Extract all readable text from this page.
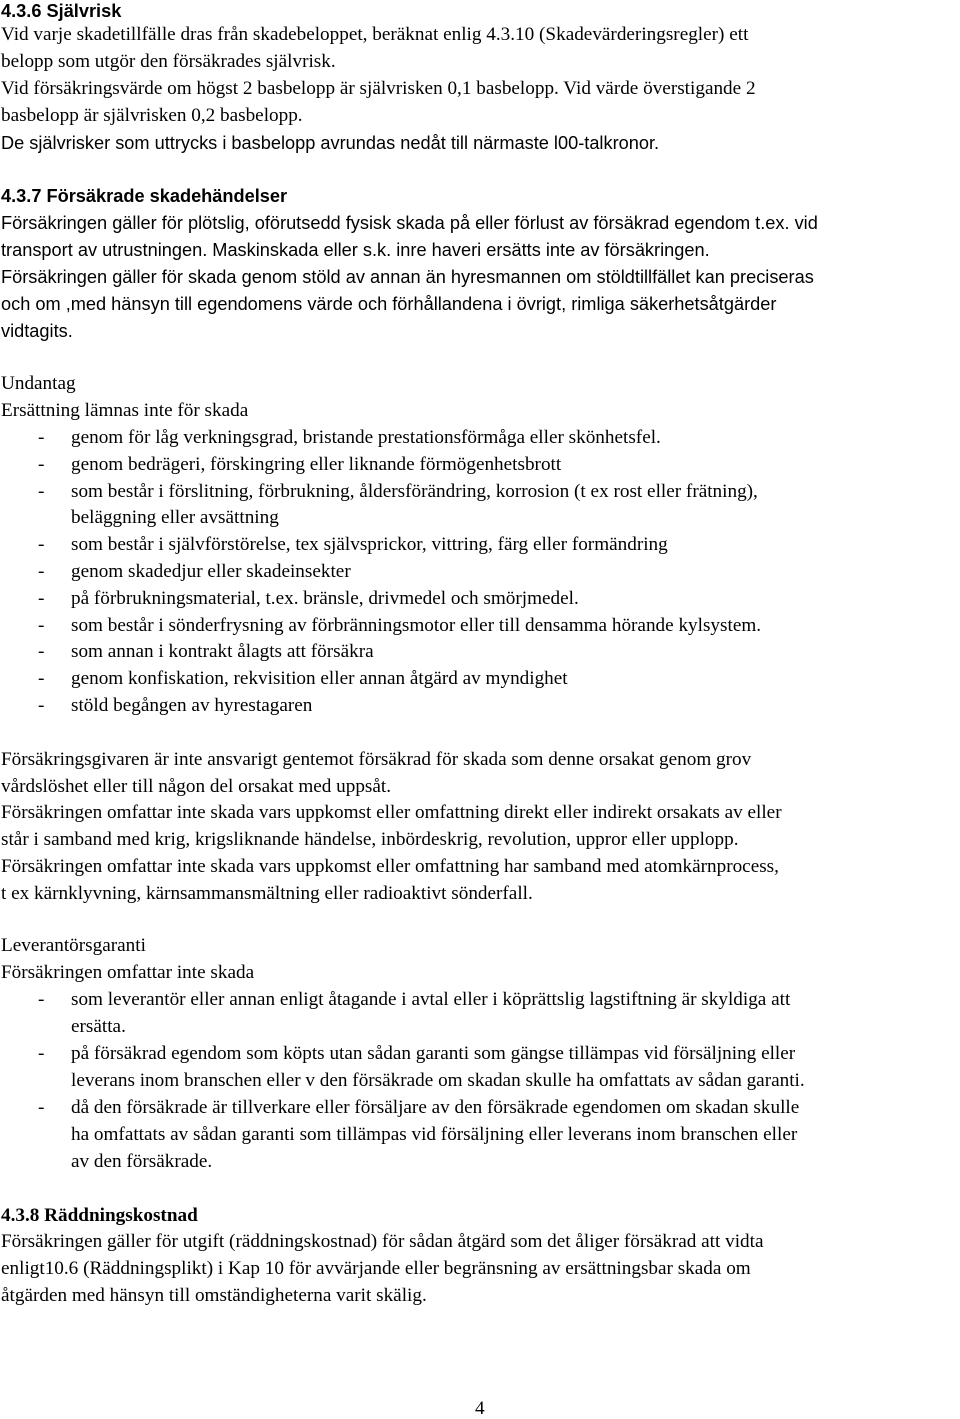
4.3.6 Självrisk
Vid varje skadetillfälle dras från skadebeloppet, beräknat enlig 4.3.10 (Skadevärderingsregler) ett
belopp som utgör den försäkrades självrisk.
Vid försäkringsvärde om högst 2 basbelopp är självrisken 0,1 basbelopp. Vid värde överstigande 2
basbelopp är självrisken 0,2 basbelopp.
De självrisker som uttrycks i basbelopp avrundas nedåt till närmaste l00-talkronor.
4.3.7 Försäkrade skadehändelser
Försäkringen gäller för plötslig, oförutsedd fysisk skada på eller förlust av försäkrad egendom t.ex. vid
transport av utrustningen. Maskinskada eller s.k. inre haveri ersätts inte av försäkringen.
Försäkringen gäller för skada genom stöld av annan än hyresmannen om stöldtillfället kan preciseras
och om ,med hänsyn till egendomens värde och förhållandena i övrigt, rimliga säkerhetsåtgärder
vidtagits.
Undantag
Ersättning lämnas inte för skada
- genom för låg verkningsgrad, bristande prestationsförmåga eller skönhetsfel.
- genom bedrägeri, förskingring eller liknande förmögenhetsbrott
- som består i förslitning, förbrukning, åldersförändring, korrosion (t ex rost eller frätning),
beläggning eller avsättning
- som består i självförstörelse, tex självsprickor, vittring, färg eller formändring
- genom skadedjur eller skadeinsekter
- på förbrukningsmaterial, t.ex. bränsle, drivmedel och smörjmedel.
- som består i sönderfrysning av förbränningsmotor eller till densamma hörande kylsystem.
- som annan i kontrakt ålagts att försäkra
- genom konfiskation, rekvisition eller annan åtgärd av myndighet
- stöld begången av hyrestagaren
Försäkringsgivaren är inte ansvarigt gentemot försäkrad för skada som denne orsakat genom grov
vårdslöshet eller till någon del orsakat med uppsåt.
Försäkringen omfattar inte skada vars uppkomst eller omfattning direkt eller indirekt orsakats av eller
står i samband med krig, krigsliknande händelse, inbördeskrig, revolution, uppror eller upplopp.
Försäkringen omfattar inte skada vars uppkomst eller omfattning har samband med atomkärnprocess,
t ex kärnklyvning, kärnsammansmältning eller radioaktivt sönderfall.
Leverantörsgaranti
Försäkringen omfattar inte skada
- som leverantör eller annan enligt åtagande i avtal eller i köprättslig lagstiftning är skyldiga att
ersätta.
- på försäkrad egendom som köpts utan sådan garanti som gängse tillämpas vid försäljning eller
leverans inom branschen eller v den försäkrade om skadan skulle ha omfattats av sådan garanti.
- då den försäkrade är tillverkare eller försäljare av den försäkrade egendomen om skadan skulle
ha omfattats av sådan garanti som tillämpas vid försäljning eller leverans inom branschen eller
av den försäkrade.
4.3.8 Räddningskostnad
Försäkringen gäller för utgift (räddningskostnad) för sådan åtgärd som det åliger försäkrad att vidta
enligt10.6 (Räddningsplikt) i Kap 10 för avvärjande eller begränsning av ersättningsbar skada om
åtgärden med hänsyn till omständigheterna varit skälig.
4
